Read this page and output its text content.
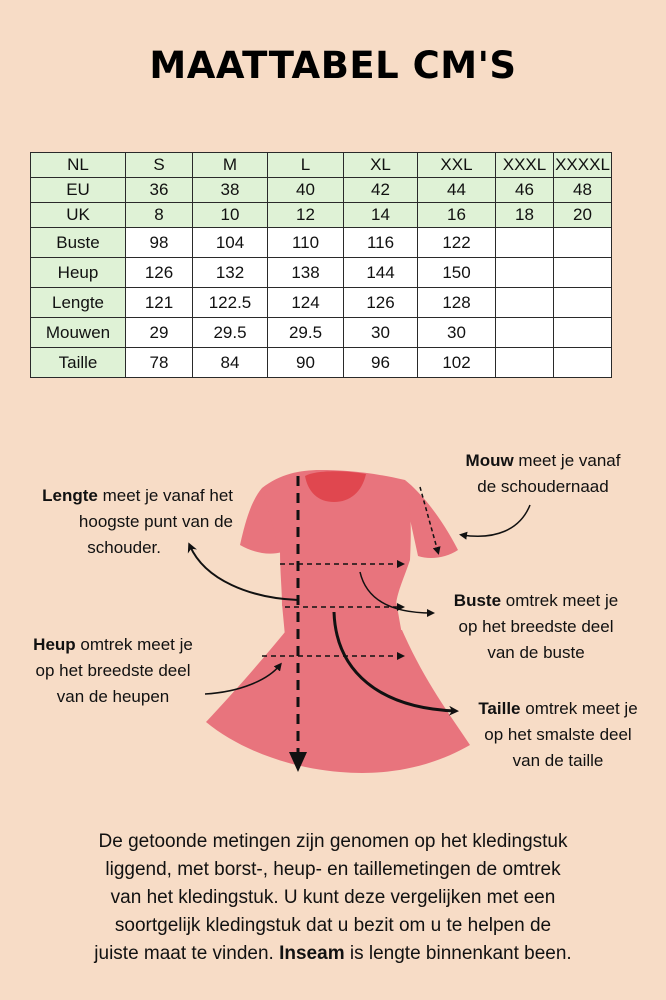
MAATTABEL CM'S
NL	S	M	L	XL	XXL	XXXL	XXXXL
EU	36	38	40	42	44	46	48
UK	8	10	12	14	16	18	20
Buste	98	104	110	116	122		
Heup	126	132	138	144	150		
Lengte	121	122.5	124	126	128		
Mouwen	29	29.5	29.5	30	30		
Taille	78	84	90	96	102		
Lengte meet je vanaf het
hoogste punt van de
schouder.
Mouw meet je vanaf
de schoudernaad
Buste omtrek meet je
op het breedste deel
van de buste
Heup omtrek meet je
op het breedste deel
van de heupen
Taille omtrek meet je
op het smalste deel
van de taille
De getoonde metingen zijn genomen op het kledingstuk
liggend, met borst-, heup- en taillemetingen de omtrek
van het kledingstuk. U kunt deze vergelijken met een
soortgelijk kledingstuk dat u bezit om u te helpen de
juiste maat te vinden. Inseam is lengte binnenkant been.
